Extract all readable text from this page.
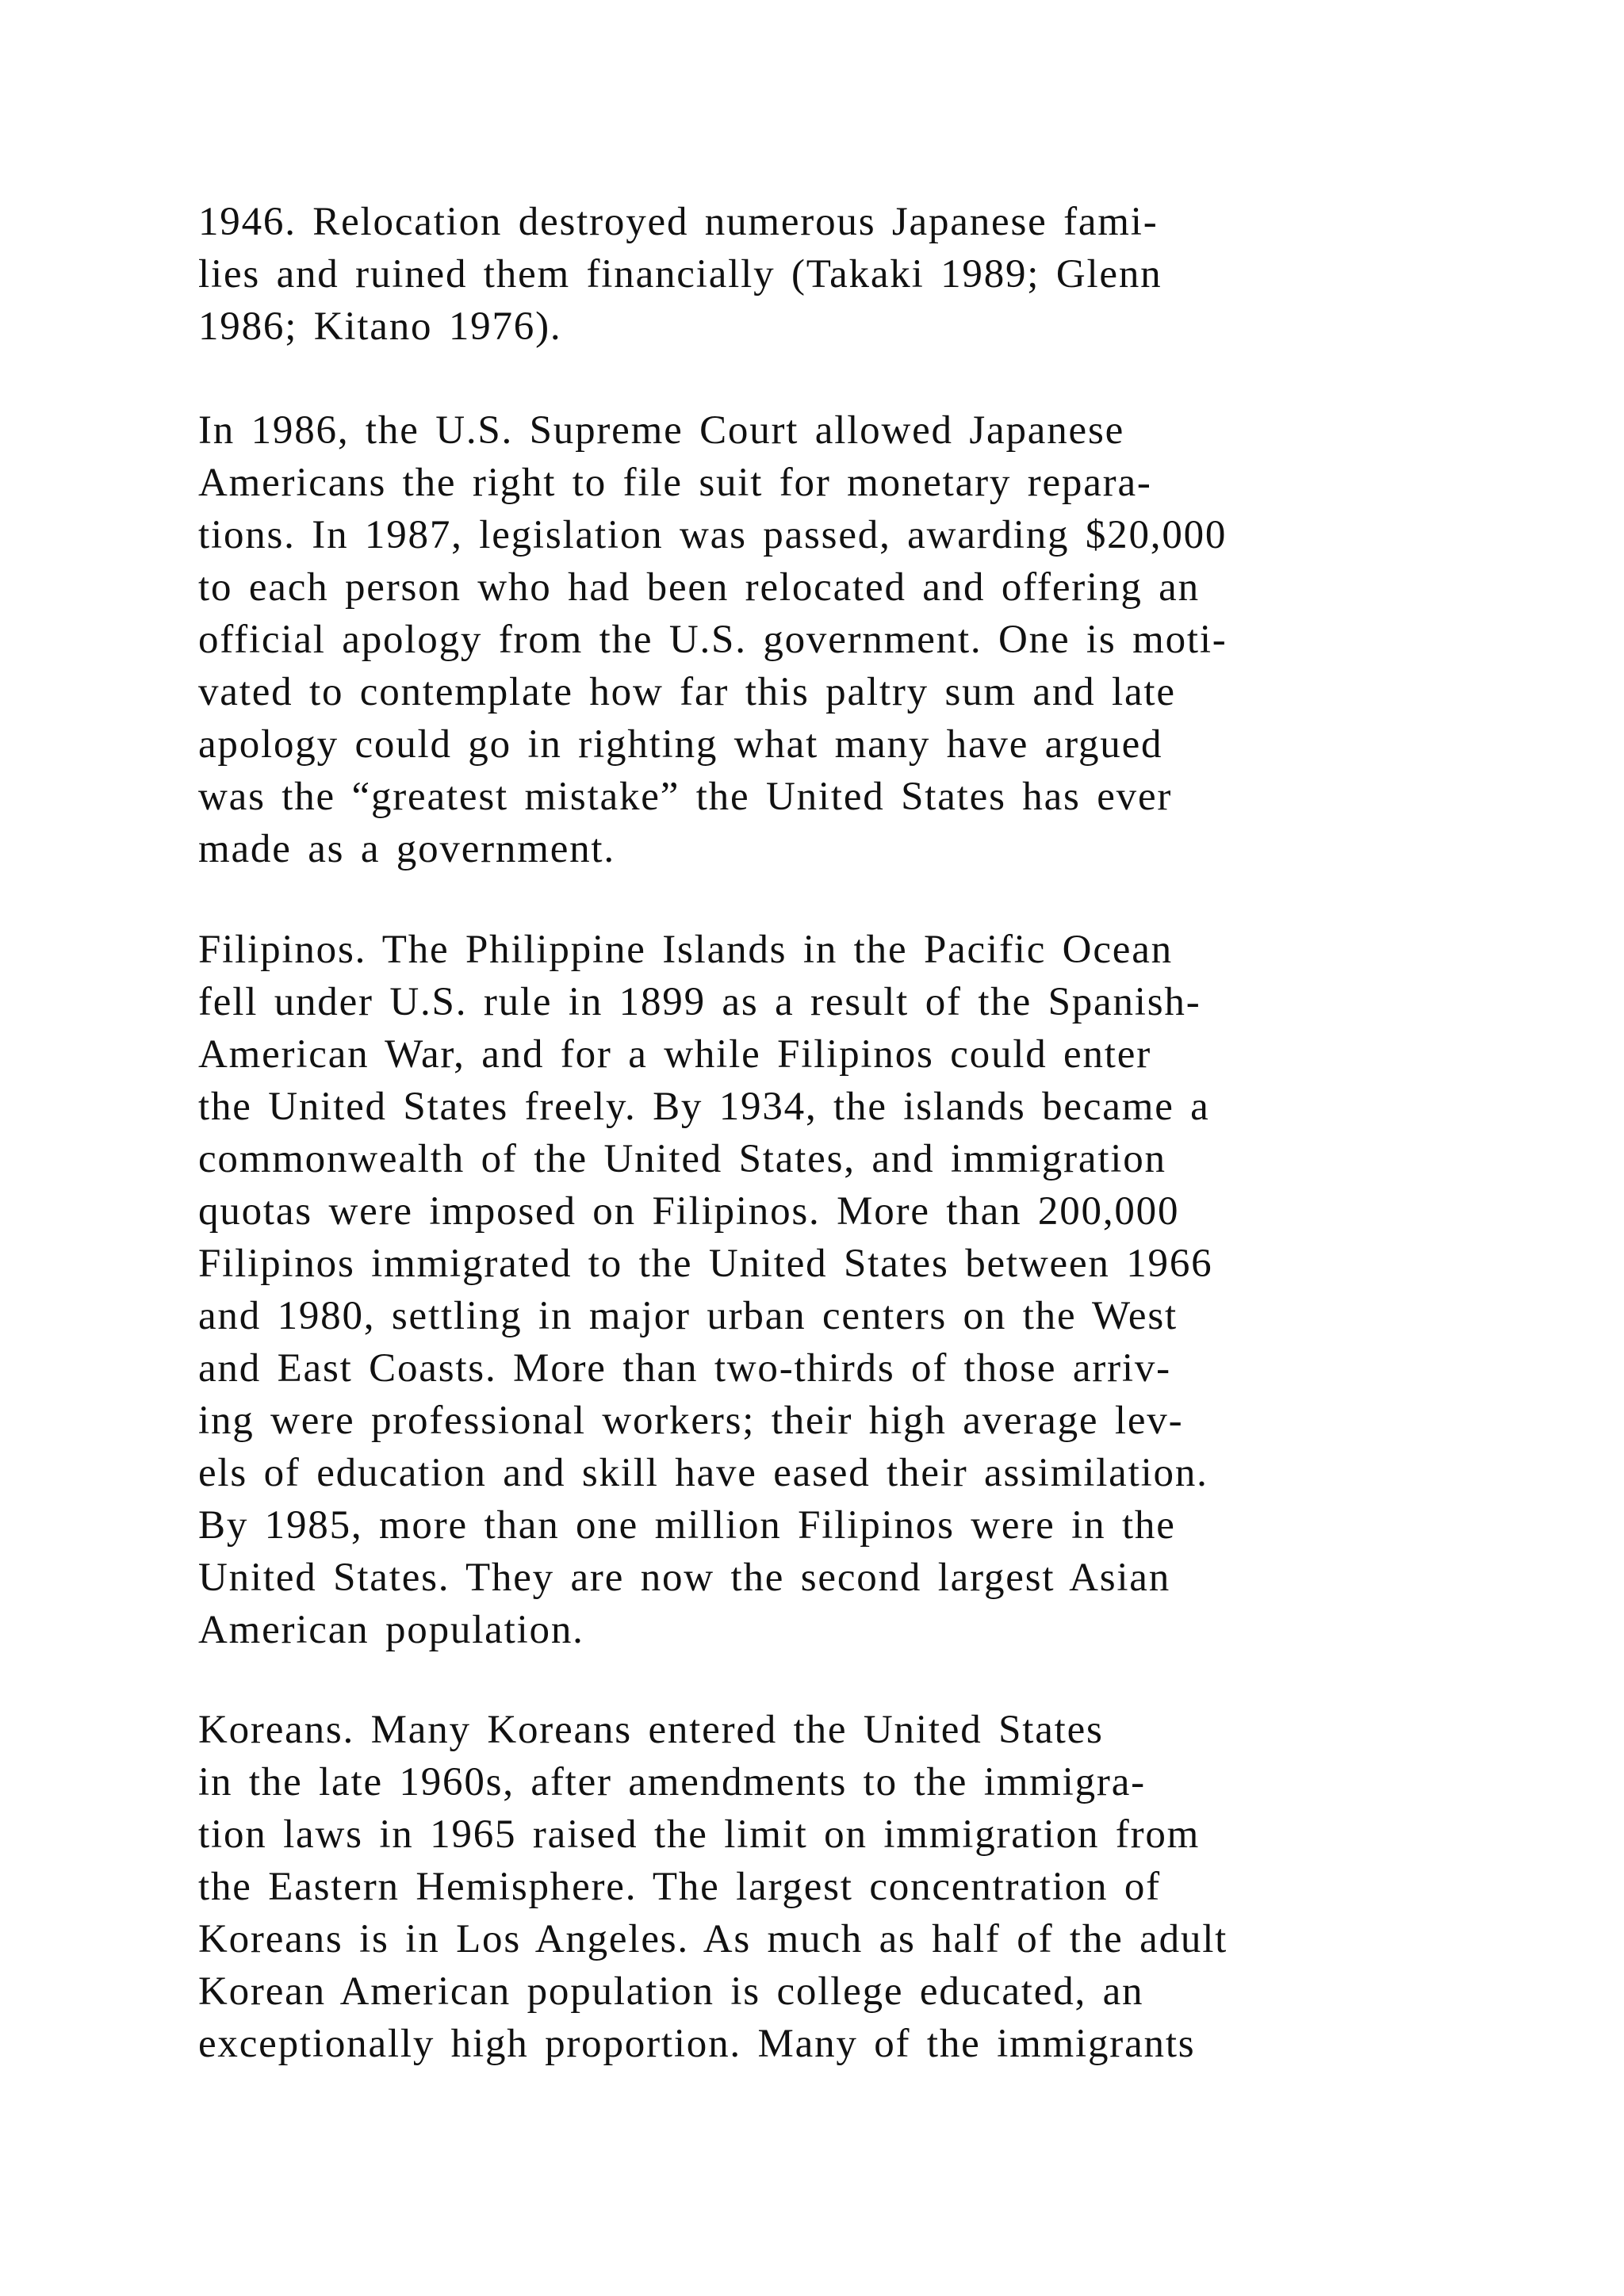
1946. Relocation destroyed numerous Japanese fami-
lies and ruined them financially (Takaki 1989; Glenn
1986; Kitano 1976).
In 1986, the U.S. Supreme Court allowed Japanese
Americans the right to file suit for monetary repara-
tions. In 1987, legislation was passed, awarding $20,000
to each person who had been relocated and offering an
official apology from the U.S. government. One is moti-
vated to contemplate how far this paltry sum and late
apology could go in righting what many have argued
was the “greatest mistake” the United States has ever
made as a government.
Filipinos. The Philippine Islands in the Pacific Ocean
fell under U.S. rule in 1899 as a result of the Spanish-
American War, and for a while Filipinos could enter
the United States freely. By 1934, the islands became a
commonwealth of the United States, and immigration
quotas were imposed on Filipinos. More than 200,000
Filipinos immigrated to the United States between 1966
and 1980, settling in major urban centers on the West
and East Coasts. More than two-thirds of those arriv-
ing were professional workers; their high average lev-
els of education and skill have eased their assimilation.
By 1985, more than one million Filipinos were in the
United States. They are now the second largest Asian
American population.
Koreans. Many Koreans entered the United States
in the late 1960s, after amendments to the immigra-
tion laws in 1965 raised the limit on immigration from
the Eastern Hemisphere. The largest concentration of
Koreans is in Los Angeles. As much as half of the adult
Korean American population is college educated, an
exceptionally high proportion. Many of the immigrants
